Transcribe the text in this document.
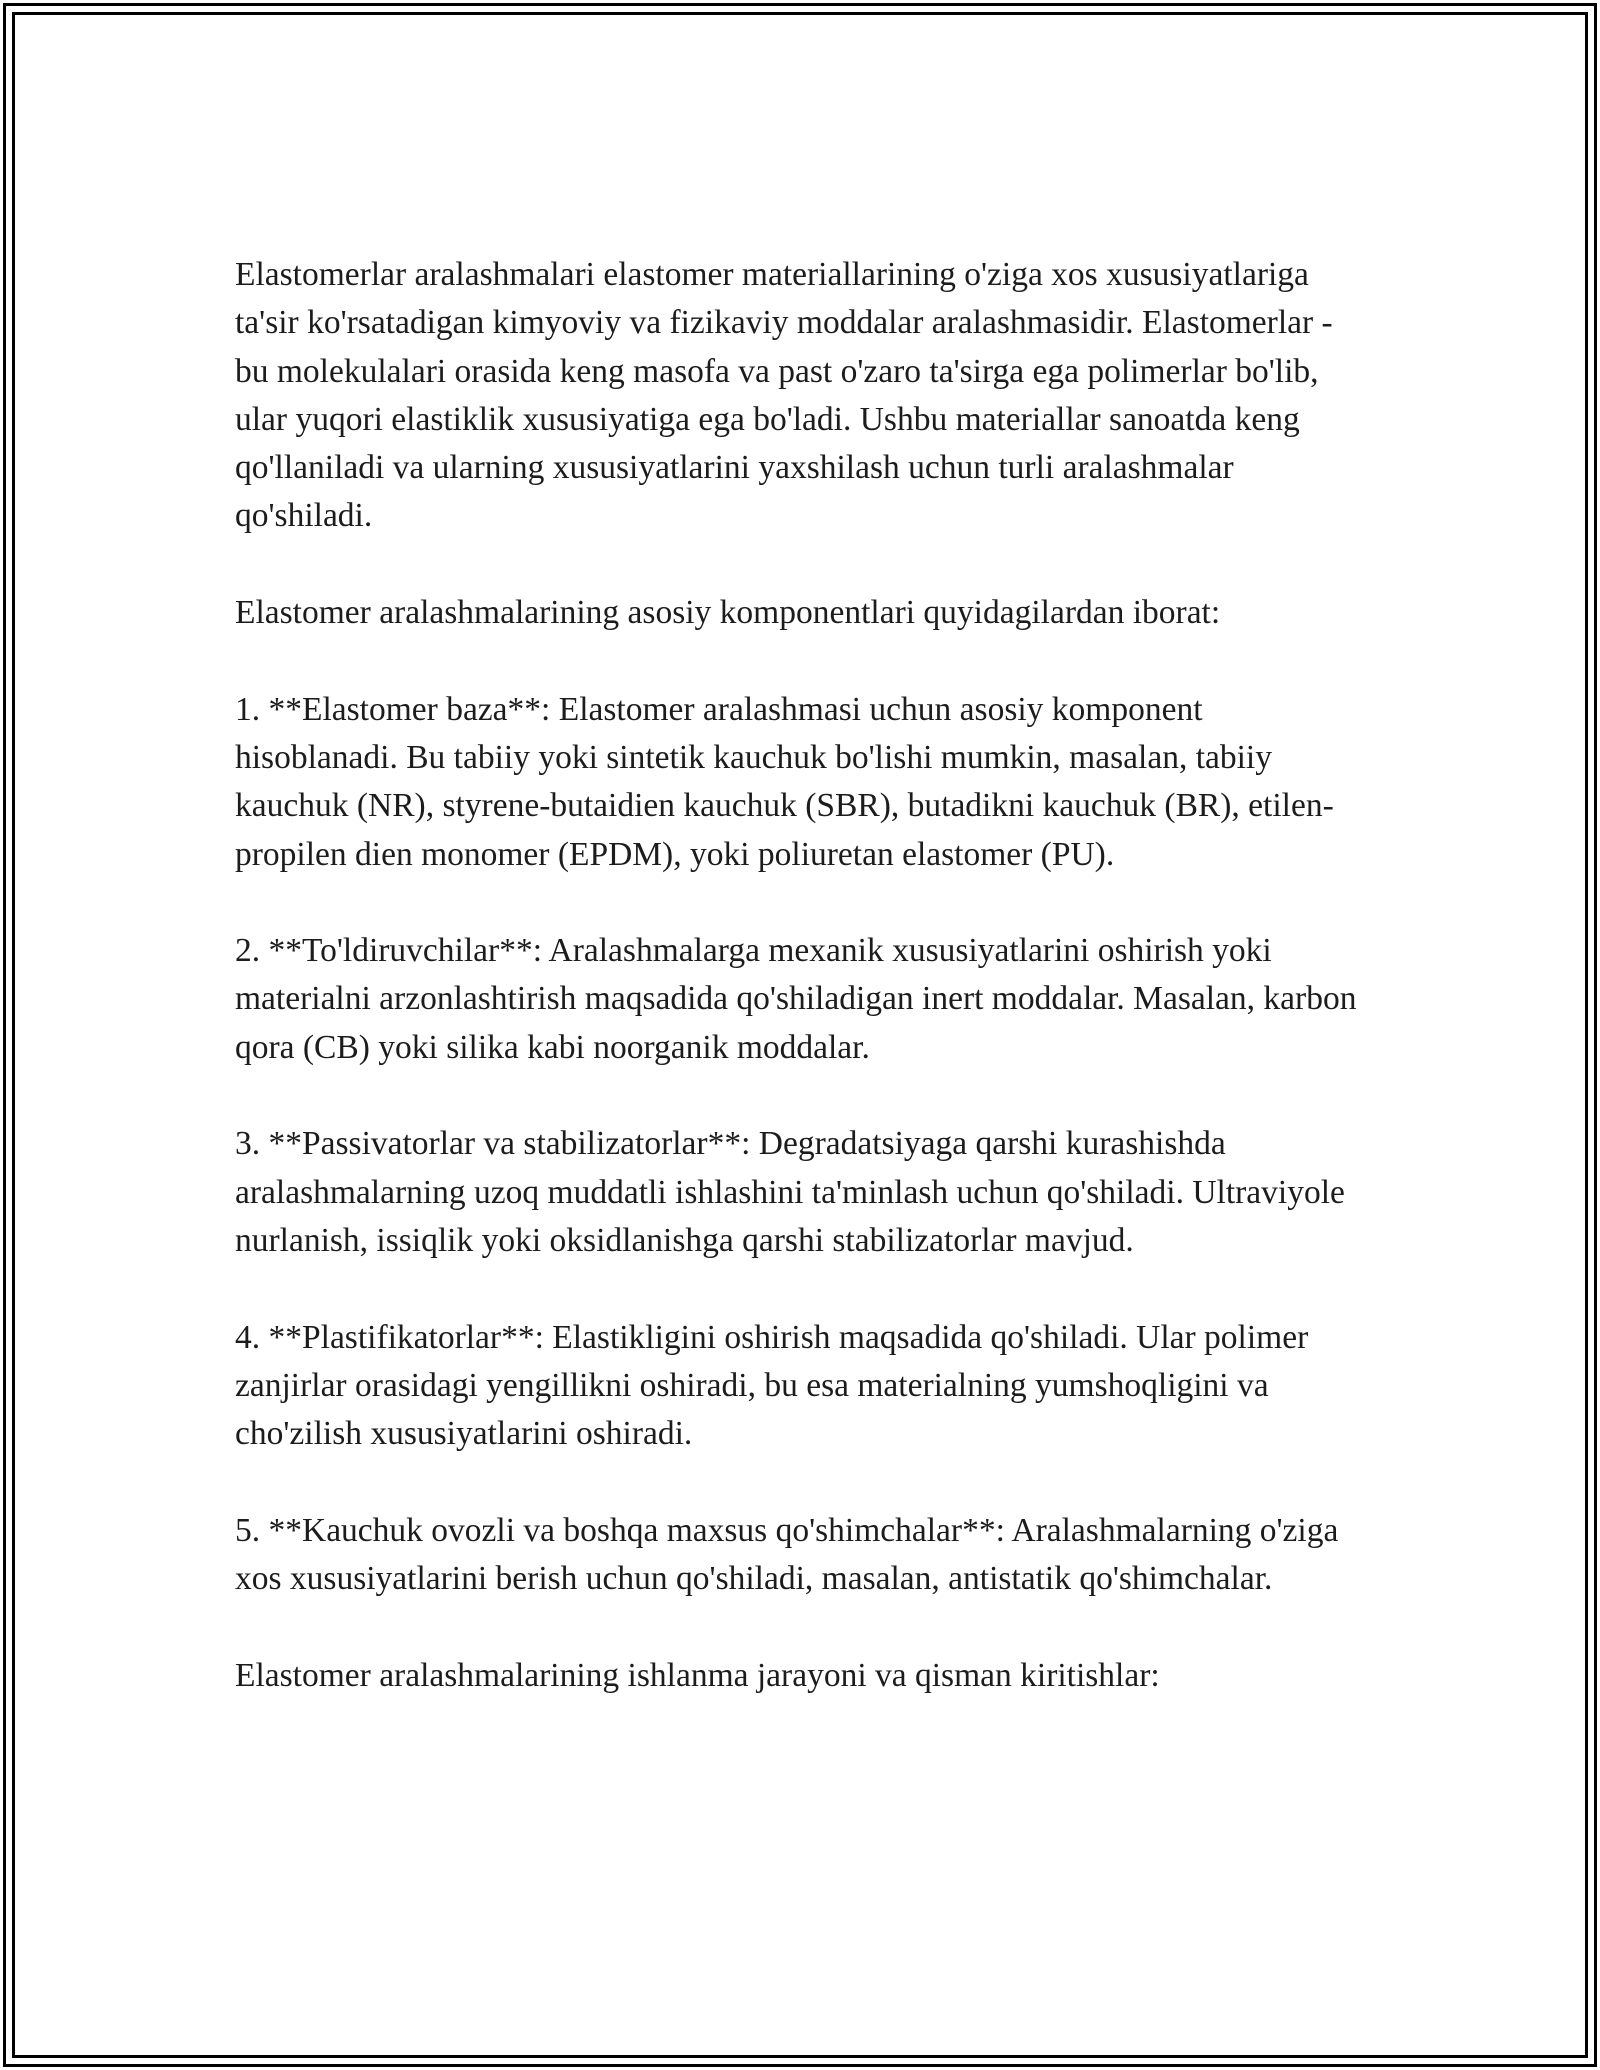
Elastomerlar aralashmalari elastomer materiallarining o'ziga xos xususiyatlariga ta'sir ko'rsatadigan kimyoviy va fizikaviy moddalar aralashmasidir. Elastomerlar - bu molekulalari orasida keng masofa va past o'zaro ta'sirga ega polimerlar bo'lib, ular yuqori elastiklik xususiyatiga ega bo'ladi. Ushbu materiallar sanoatda keng qo'llaniladi va ularning xususiyatlarini yaxshilash uchun turli aralashmalar qo'shiladi.

Elastomer aralashmalarining asosiy komponentlari quyidagilardan iborat:

1. **Elastomer baza**: Elastomer aralashmasi uchun asosiy komponent hisoblanadi. Bu tabiiy yoki sintetik kauchuk bo'lishi mumkin, masalan, tabiiy kauchuk (NR), styrene-butaidien kauchuk (SBR), butadikni kauchuk (BR), etilen-propilen dien monomer (EPDM), yoki poliuretan elastomer (PU).

2. **To'ldiruvchilar**: Aralashmalarga mexanik xususiyatlarini oshirish yoki materialni arzonlashtirish maqsadida qo'shiladigan inert moddalar. Masalan, karbon qora (CB) yoki silika kabi noorganik moddalar.

3. **Passivatorlar va stabilizatorlar**: Degradatsiyaga qarshi kurashishda aralashmalarning uzoq muddatli ishlashini ta'minlash uchun qo'shiladi. Ultraviyole nurlanish, issiqlik yoki oksidlanishga qarshi stabilizatorlar mavjud.

4. **Plastifikatorlar**: Elastikligini oshirish maqsadida qo'shiladi. Ular polimer zanjirlar orasidagi yengillikni oshiradi, bu esa materialning yumshoqligini va cho'zilish xususiyatlarini oshiradi.

5. **Kauchuk ovozli va boshqa maxsus qo'shimchalar**: Aralashmalarning o'ziga xos xususiyatlarini berish uchun qo'shiladi, masalan, antistatik qo'shimchalar.

Elastomer aralashmalarining ishlanma jarayoni va qisman kiritishlar:
